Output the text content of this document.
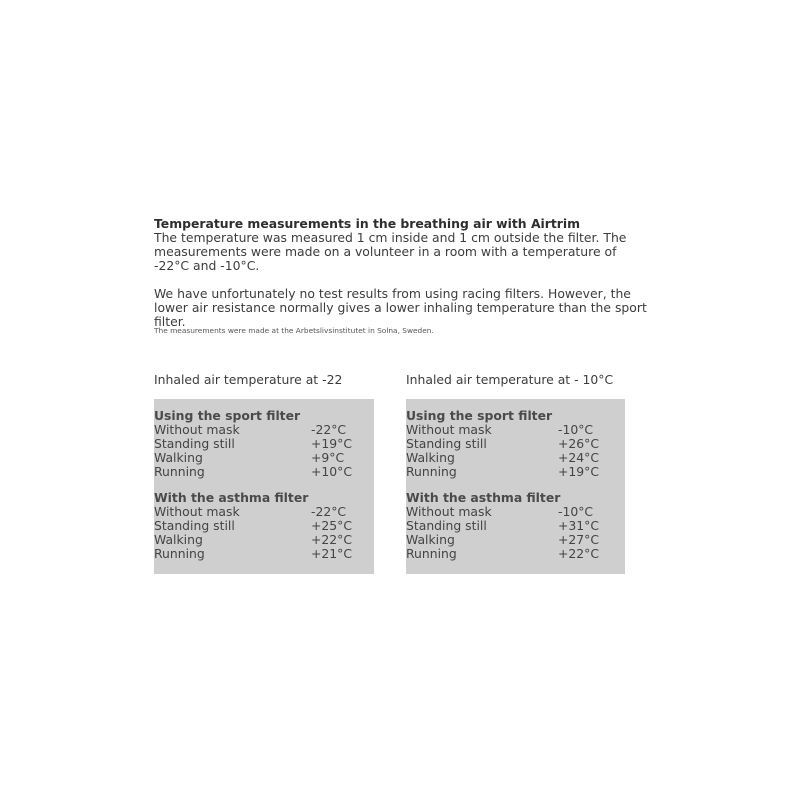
Temperature measurements in the breathing air with Airtrim

The temperature was measured 1 cm inside and 1 cm outside the filter. The measurements were made on a volunteer in a room with a temperature of -22°C and -10°C.

We have unfortunately no test results from using racing filters. However, the lower air resistance normally gives a lower inhaling temperature than the sport filter.

The measurements were made at the Arbetslivsinstitutet in Solna, Sweden.
Inhaled air temperature at -22
Using the sport filter
Without mask	-22°C
Standing still	+19°C
Walking	+9°C
Running	+10°C
With the asthma filter
Without mask	-22°C
Standing still	+25°C
Walking	+22°C
Running	+21°C
Inhaled air temperature at - 10°C
Using the sport filter
Without mask	-10°C
Standing still	+26°C
Walking	+24°C
Running	+19°C
With the asthma filter
Without mask	-10°C
Standing still	+31°C
Walking	+27°C
Running	+22°C
